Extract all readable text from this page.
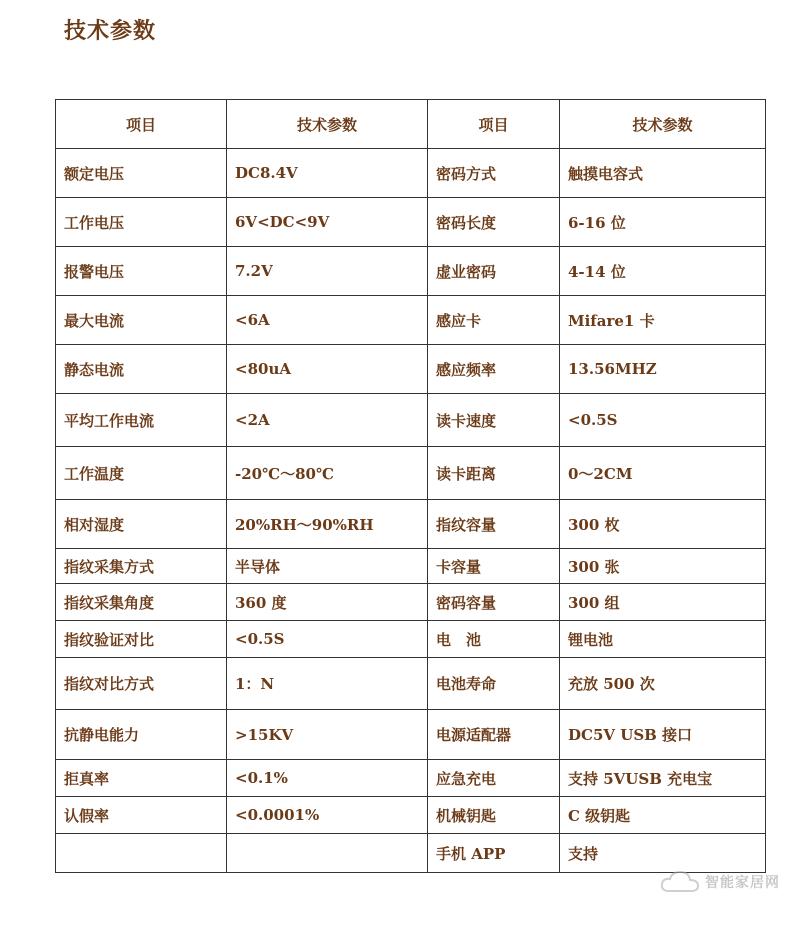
技术参数
项目	技术参数	项目	技术参数
额定电压	DC8.4V	密码方式	触摸电容式
工作电压	6V<DC<9V	密码长度	6-16 位
报警电压	7.2V	虚业密码	4-14 位
最大电流	<6A	感应卡	Mifare1 卡
静态电流	<80uA	感应频率	13.56MHZ
平均工作电流	<2A	读卡速度	<0.5S
工作温度	-20℃～80℃	读卡距离	0～2CM
相对湿度	20%RH～90%RH	指纹容量	300 枚
指纹采集方式	半导体	卡容量	300 张
指纹采集角度	360 度	密码容量	300 组
指纹验证对比	<0.5S	电　池	锂电池
指纹对比方式	1：N	电池寿命	充放 500 次
抗静电能力	>15KV	电源适配器	DC5V USB 接口
拒真率	<0.1%	应急充电	支持 5VUSB 充电宝
认假率	<0.0001%	机械钥匙	C 级钥匙
		手机 APP	支持
智能家居网
